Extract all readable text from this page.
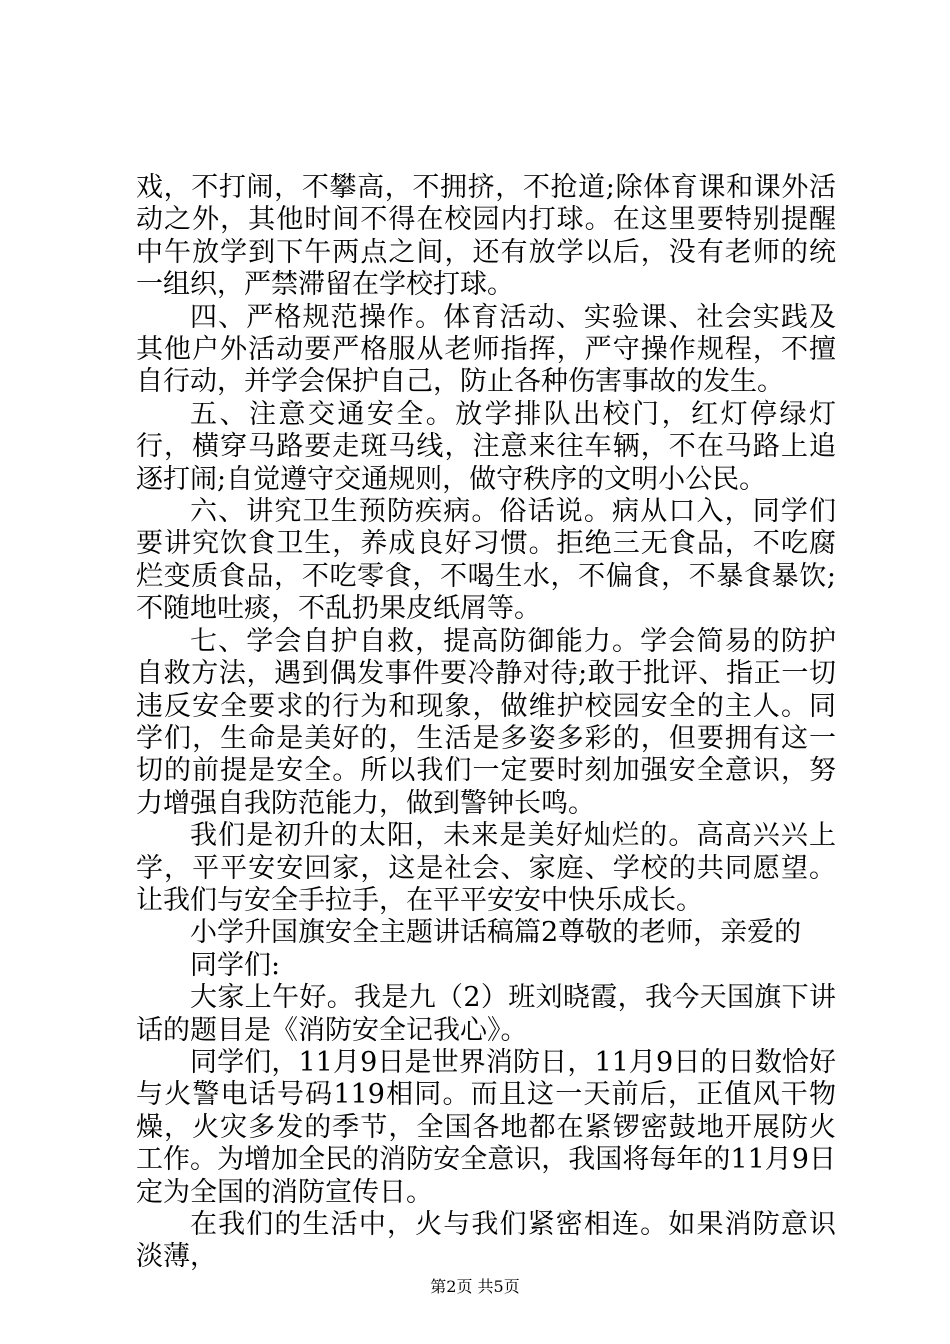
戏，不打闹，不攀高，不拥挤，不抢道;除体育课和课外活动之外，其他时间不得在校园内打球。在这里要特别提醒中午放学到下午两点之间，还有放学以后，没有老师的统一组织，严禁滞留在学校打球。

四、严格规范操作。体育活动、实验课、社会实践及其他户外活动要严格服从老师指挥，严守操作规程，不擅自行动，并学会保护自己，防止各种伤害事故的发生。

五、注意交通安全。放学排队出校门，红灯停绿灯行，横穿马路要走斑马线，注意来往车辆，不在马路上追逐打闹;自觉遵守交通规则，做守秩序的文明小公民。

六、讲究卫生预防疾病。俗话说。病从口入，同学们要讲究饮食卫生，养成良好习惯。拒绝三无食品，不吃腐烂变质食品，不吃零食，不喝生水，不偏食，不暴食暴饮;不随地吐痰，不乱扔果皮纸屑等。

七、学会自护自救，提高防御能力。学会简易的防护自救方法，遇到偶发事件要冷静对待;敢于批评、指正一切违反安全要求的行为和现象，做维护校园安全的主人。同学们，生命是美好的，生活是多姿多彩的，但要拥有这一切的前提是安全。所以我们一定要时刻加强安全意识，努力增强自我防范能力，做到警钟长鸣。

我们是初升的太阳，未来是美好灿烂的。高高兴兴上学，平平安安回家，这是社会、家庭、学校的共同愿望。让我们与安全手拉手，在平平安安中快乐成长。

小学升国旗安全主题讲话稿篇2尊敬的老师，亲爱的

同学们:

大家上午好。我是九（2）班刘晓霞，我今天国旗下讲话的题目是《消防安全记我心》。

同学们，11月9日是世界消防日，11月9日的日数恰好与火警电话号码119相同。而且这一天前后，正值风干物燥，火灾多发的季节，全国各地都在紧锣密鼓地开展防火工作。为增加全民的消防安全意识，我国将每年的11月9日定为全国的消防宣传日。

在我们的生活中，火与我们紧密相连。如果消防意识淡薄，

第2页 共5页
